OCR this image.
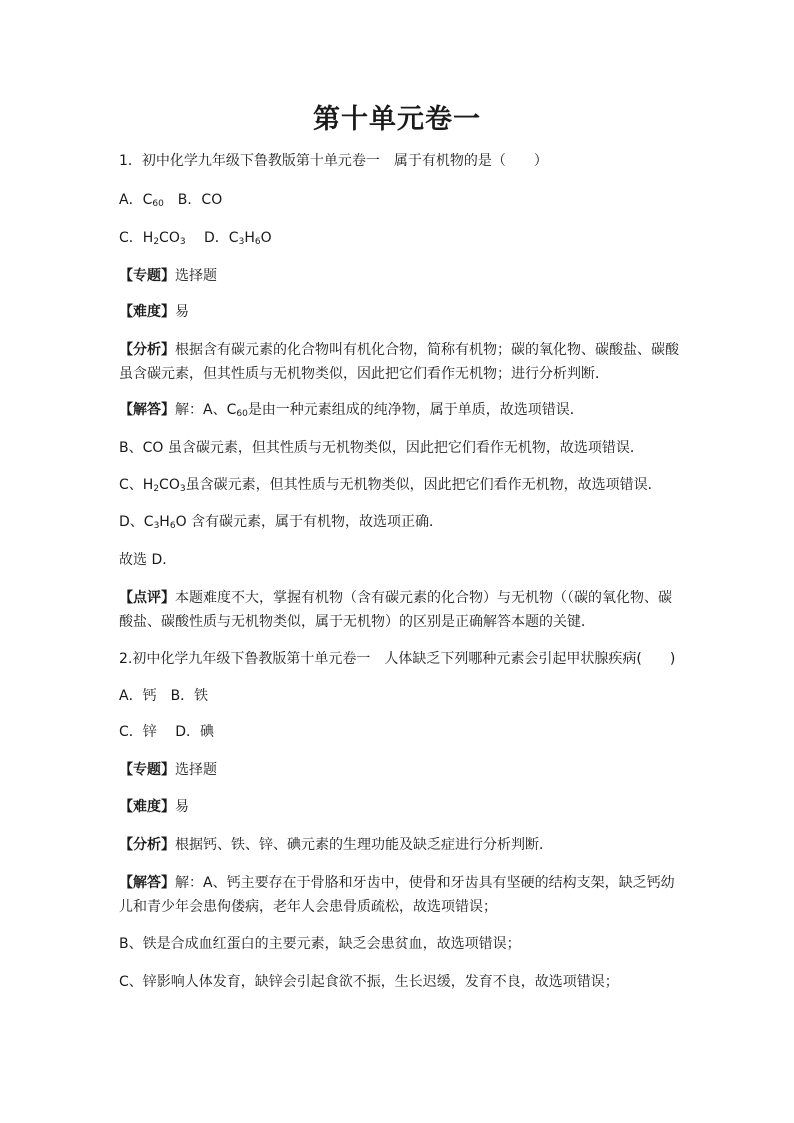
第十单元卷一
1．初中化学九年级下鲁教版第十单元卷一　属于有机物的是（　　）
A．$C_{60}$　B．CO
C．$H_2CO_3$　 D．$C_3H_6O$
【专题】选择题
【难度】易
【分析】根据含有碳元素的化合物叫有机化合物，简称有机物；碳的氧化物、碳酸盐、碳酸
虽含碳元素，但其性质与无机物类似，因此把它们看作无机物；进行分析判断．
【解答】解：A、$C_{60}$是由一种元素组成的纯净物，属于单质，故选项错误．
B、CO 虽含碳元素，但其性质与无机物类似，因此把它们看作无机物，故选项错误．
C、$H_2CO_3$虽含碳元素，但其性质与无机物类似，因此把它们看作无机物，故选项错误．
D、$C_3H_6O$ 含有碳元素，属于有机物，故选项正确．
故选 D．
【点评】本题难度不大，掌握有机物（含有碳元素的化合物）与无机物（（碳的氧化物、碳
酸盐、碳酸性质与无机物类似，属于无机物）的区别是正确解答本题的关键．
2.初中化学九年级下鲁教版第十单元卷一　人体缺乏下列哪种元素会引起甲状腺疾病(　　)
A．钙　B．铁
C．锌　 D．碘
【专题】选择题
【难度】易
【分析】根据钙、铁、锌、碘元素的生理功能及缺乏症进行分析判断．
【解答】解：A、钙主要存在于骨胳和牙齿中，使骨和牙齿具有坚硬的结构支架，缺乏钙幼
儿和青少年会患佝偻病，老年人会患骨质疏松，故选项错误；
B、铁是合成血红蛋白的主要元素，缺乏会患贫血，故选项错误；
C、锌影响人体发育，缺锌会引起食欲不振，生长迟缓，发育不良，故选项错误；
